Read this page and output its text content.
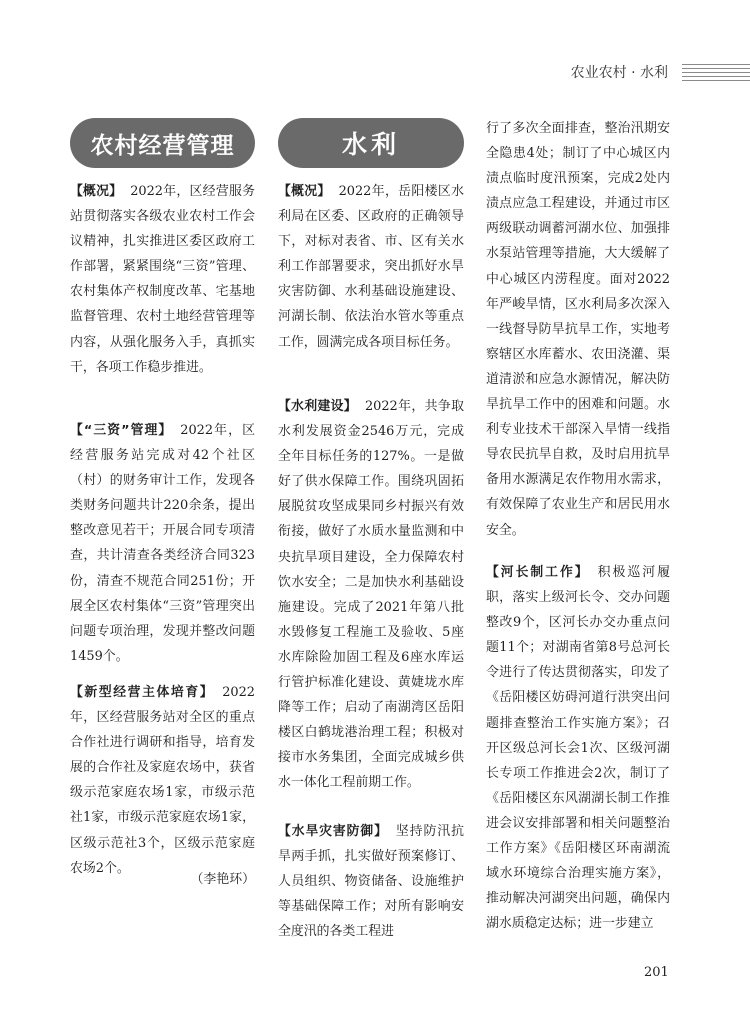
农业农村 · 水利
农村经营管理	水利

【概况】 2022年，区经营服务站贯彻落实各级农业农村工作会议精神，扎实推进区委区政府工作部署，紧紧围绕“三资”管理、农村集体产权制度改革、宅基地监督管理、农村土地经营管理等内容，从强化服务入手，真抓实干，各项工作稳步推进。

【“三资”管理】 2022年，区经营服务站完成对42个社区（村）的财务审计工作，发现各类财务问题共计220余条，提出整改意见若干；开展合同专项清查，共计清查各类经济合同323份，清查不规范合同251份；开展全区农村集体“三资”管理突出问题专项治理，发现并整改问题1459个。

【新型经营主体培育】 2022年，区经营服务站对全区的重点合作社进行调研和指导，培育发展的合作社及家庭农场中，获省级示范家庭农场1家，市级示范社1家，市级示范家庭农场1家，区级示范社3个，区级示范家庭农场2个。

（李艳环）

【概况】 2022年，岳阳楼区水利局在区委、区政府的正确领导下，对标对表省、市、区有关水利工作部署要求，突出抓好水旱灾害防御、水利基础设施建设、河湖长制、依法治水管水等重点工作，圆满完成各项目标任务。

【水利建设】 2022年，共争取水利发展资金2546万元，完成全年目标任务的127%。一是做好了供水保障工作。围绕巩固拓展脱贫攻坚成果同乡村振兴有效衔接，做好了水质水量监测和中央抗旱项目建设，全力保障农村饮水安全；二是加快水利基础设施建设。完成了2021年第八批水毁修复工程施工及验收、5座水库除险加固工程及6座水库运行管护标准化建设、黄婕垅水库降等工作；启动了南湖湾区岳阳楼区白鹤垅港治理工程；积极对接市水务集团，全面完成城乡供水一体化工程前期工作。

【水旱灾害防御】 坚持防汛抗旱两手抓，扎实做好预案修订、人员组织、物资储备、设施维护等基础保障工作；对所有影响安全度汛的各类工程进

行了多次全面排查，整治汛期安全隐患4处；制订了中心城区内渍点临时度汛预案，完成2处内渍点应急工程建设，并通过市区两级联动调蓄河湖水位、加强排水泵站管理等措施，大大缓解了中心城区内涝程度。面对2022年严峻旱情，区水利局多次深入一线督导防旱抗旱工作，实地考察辖区水库蓄水、农田浇灌、渠道清淤和应急水源情况，解决防旱抗旱工作中的困难和问题。水利专业技术干部深入旱情一线指导农民抗旱自救，及时启用抗旱备用水源满足农作物用水需求，有效保障了农业生产和居民用水安全。

【河长制工作】 积极巡河履职，落实上级河长令、交办问题整改9个，区河长办交办重点问题11个；对湖南省第8号总河长令进行了传达贯彻落实，印发了《岳阳楼区妨碍河道行洪突出问题排查整治工作实施方案》；召开区级总河长会1次、区级河湖长专项工作推进会2次，制订了《岳阳楼区东风湖湖长制工作推进会议安排部署和相关问题整治工作方案》《岳阳楼区环南湖流域水环境综合治理实施方案》，推动解决河湖突出问题，确保内湖水质稳定达标；进一步建立

201
